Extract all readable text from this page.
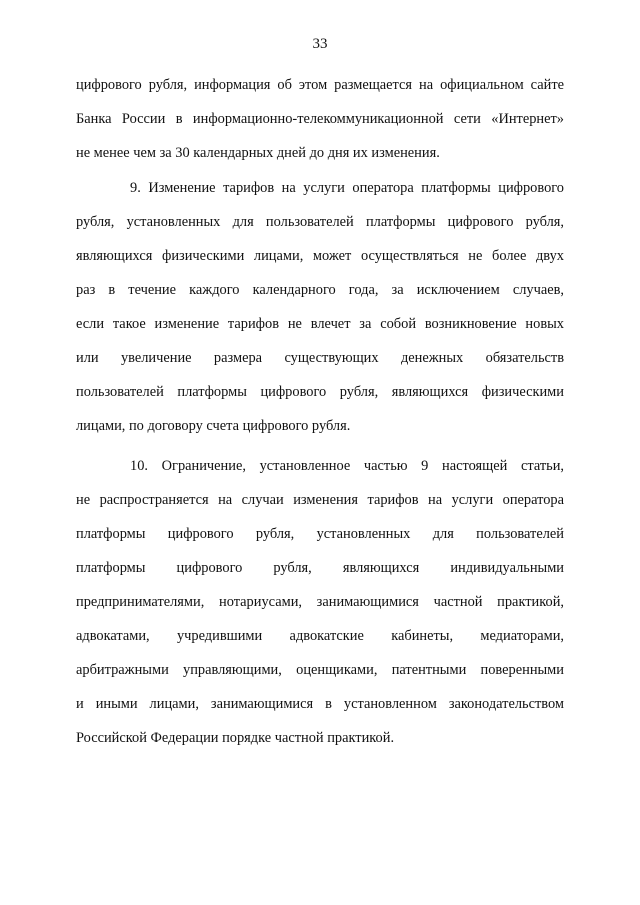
33
цифрового рубля, информация об этом размещается на официальном сайте
Банка России в информационно-телекоммуникационной сети «Интернет»
не менее чем за 30 календарных дней до дня их изменения.
9. Изменение тарифов на услуги оператора платформы цифрового
рубля, установленных для пользователей платформы цифрового рубля,
являющихся физическими лицами, может осуществляться не более двух
раз в течение каждого календарного года, за исключением случаев,
если такое изменение тарифов не влечет за собой возникновение новых
или увеличение размера существующих денежных обязательств
пользователей платформы цифрового рубля, являющихся физическими
лицами, по договору счета цифрового рубля.
10. Ограничение, установленное частью 9 настоящей статьи,
не распространяется на случаи изменения тарифов на услуги оператора
платформы цифрового рубля, установленных для пользователей
платформы цифрового рубля, являющихся индивидуальными
предпринимателями, нотариусами, занимающимися частной практикой,
адвокатами, учредившими адвокатские кабинеты, медиаторами,
арбитражными управляющими, оценщиками, патентными поверенными
и иными лицами, занимающимися в установленном законодательством
Российской Федерации порядке частной практикой.
